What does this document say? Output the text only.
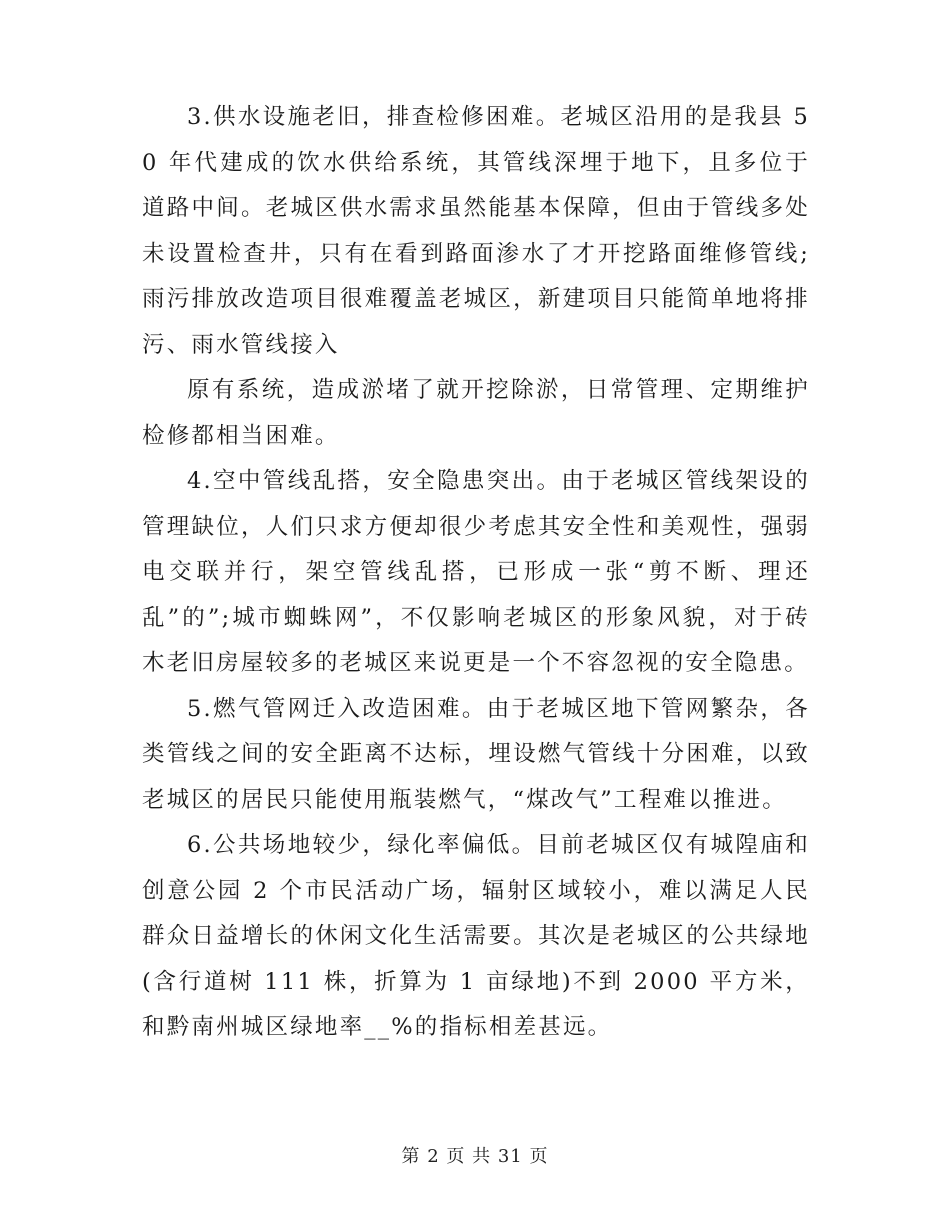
3.供水设施老旧，排查检修困难。老城区沿用的是我县 50 年代建成的饮水供给系统，其管线深埋于地下，且多位于道路中间。老城区供水需求虽然能基本保障，但由于管线多处未设置检查井，只有在看到路面渗水了才开挖路面维修管线;雨污排放改造项目很难覆盖老城区，新建项目只能简单地将排污、雨水管线接入

原有系统，造成淤堵了就开挖除淤，日常管理、定期维护检修都相当困难。

4.空中管线乱搭，安全隐患突出。由于老城区管线架设的管理缺位，人们只求方便却很少考虑其安全性和美观性，强弱电交联并行，架空管线乱搭，已形成一张“剪不断、理还乱”的”;城市蜘蛛网”，不仅影响老城区的形象风貌，对于砖木老旧房屋较多的老城区来说更是一个不容忽视的安全隐患。

5.燃气管网迁入改造困难。由于老城区地下管网繁杂，各类管线之间的安全距离不达标，埋设燃气管线十分困难，以致老城区的居民只能使用瓶装燃气，“煤改气”工程难以推进。

6.公共场地较少，绿化率偏低。目前老城区仅有城隍庙和创意公园 2 个市民活动广场，辐射区域较小，难以满足人民群众日益增长的休闲文化生活需要。其次是老城区的公共绿地(含行道树 111 株，折算为 1 亩绿地)不到 2000 平方米，和黔南州城区绿地率__%的指标相差甚远。

第 2 页 共 31 页
